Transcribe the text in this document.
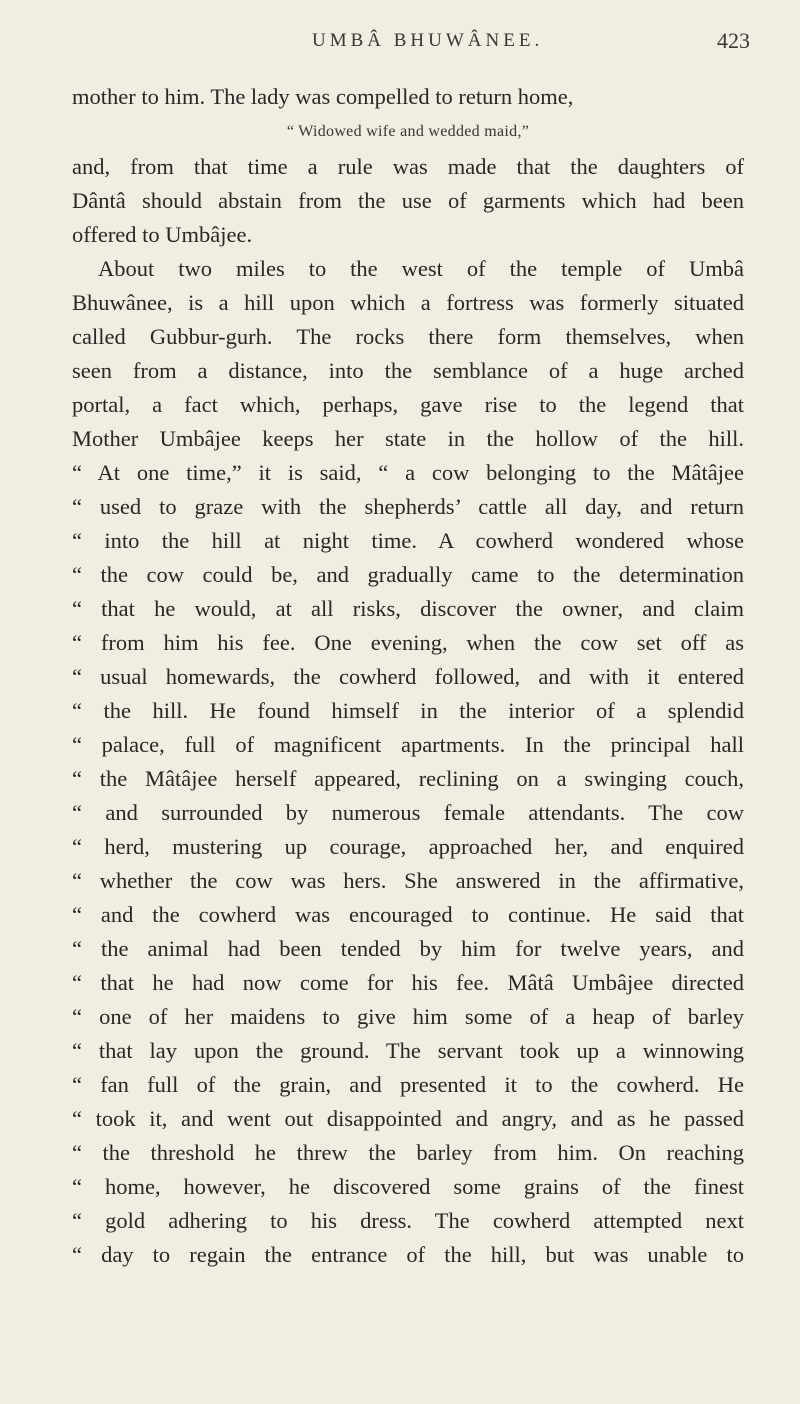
UMBÂ BHUWÂNEE.	423
mother to him. The lady was compelled to return home,
“ Widowed wife and wedded maid,”
and, from that time a rule was made that the daughters of
Dântâ should abstain from the use of garments which had been
offered to Umbâjee.
About two miles to the west of the temple of Umbâ
Bhuwânee, is a hill upon which a fortress was formerly situated
called Gubbur-gurh. The rocks there form themselves, when
seen from a distance, into the semblance of a huge arched
portal, a fact which, perhaps, gave rise to the legend that
Mother Umbâjee keeps her state in the hollow of the hill.
“ At one time,” it is said, “ a cow belonging to the Mâtâjee
“ used to graze with the shepherds’ cattle all day, and return
“ into the hill at night time. A cowherd wondered whose
“ the cow could be, and gradually came to the determination
“ that he would, at all risks, discover the owner, and claim
“ from him his fee. One evening, when the cow set off as
“ usual homewards, the cowherd followed, and with it entered
“ the hill. He found himself in the interior of a splendid
“ palace, full of magnificent apartments. In the principal hall
“ the Mâtâjee herself appeared, reclining on a swinging couch,
“ and surrounded by numerous female attendants. The cow
“ herd, mustering up courage, approached her, and enquired
“ whether the cow was hers. She answered in the affirmative,
“ and the cowherd was encouraged to continue. He said that
“ the animal had been tended by him for twelve years, and
“ that he had now come for his fee. Mâtâ Umbâjee directed
“ one of her maidens to give him some of a heap of barley
“ that lay upon the ground. The servant took up a winnowing
“ fan full of the grain, and presented it to the cowherd. He
“ took it, and went out disappointed and angry, and as he passed
“ the threshold he threw the barley from him. On reaching
“ home, however, he discovered some grains of the finest
“ gold adhering to his dress. The cowherd attempted next
“ day to regain the entrance of the hill, but was unable to
